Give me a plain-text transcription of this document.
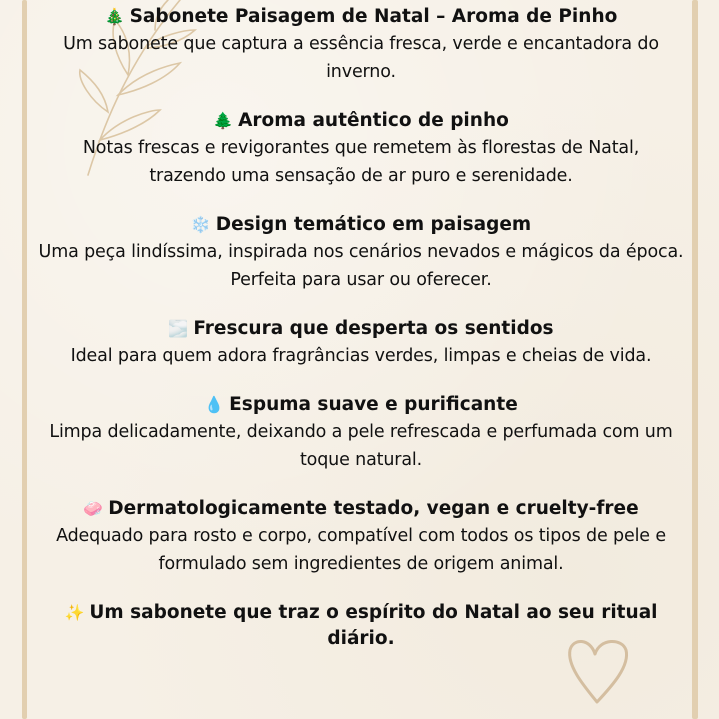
🎄 Sabonete Paisagem de Natal – Aroma de Pinho
Um sabonete que captura a essência fresca, verde e encantadora do inverno.
🌲 Aroma autêntico de pinho
Notas frescas e revigorantes que remetem às florestas de Natal, trazendo uma sensação de ar puro e serenidade.
❄️ Design temático em paisagem
Uma peça lindíssima, inspirada nos cenários nevados e mágicos da época. Perfeita para usar ou oferecer.
🌫️ Frescura que desperta os sentidos
Ideal para quem adora fragrâncias verdes, limpas e cheias de vida.
💧 Espuma suave e purificante
Limpa delicadamente, deixando a pele refrescada e perfumada com um toque natural.
🧼 Dermatologicamente testado, vegan e cruelty-free
Adequado para rosto e corpo, compatível com todos os tipos de pele e formulado sem ingredientes de origem animal.
✨ Um sabonete que traz o espírito do Natal ao seu ritual diário.
